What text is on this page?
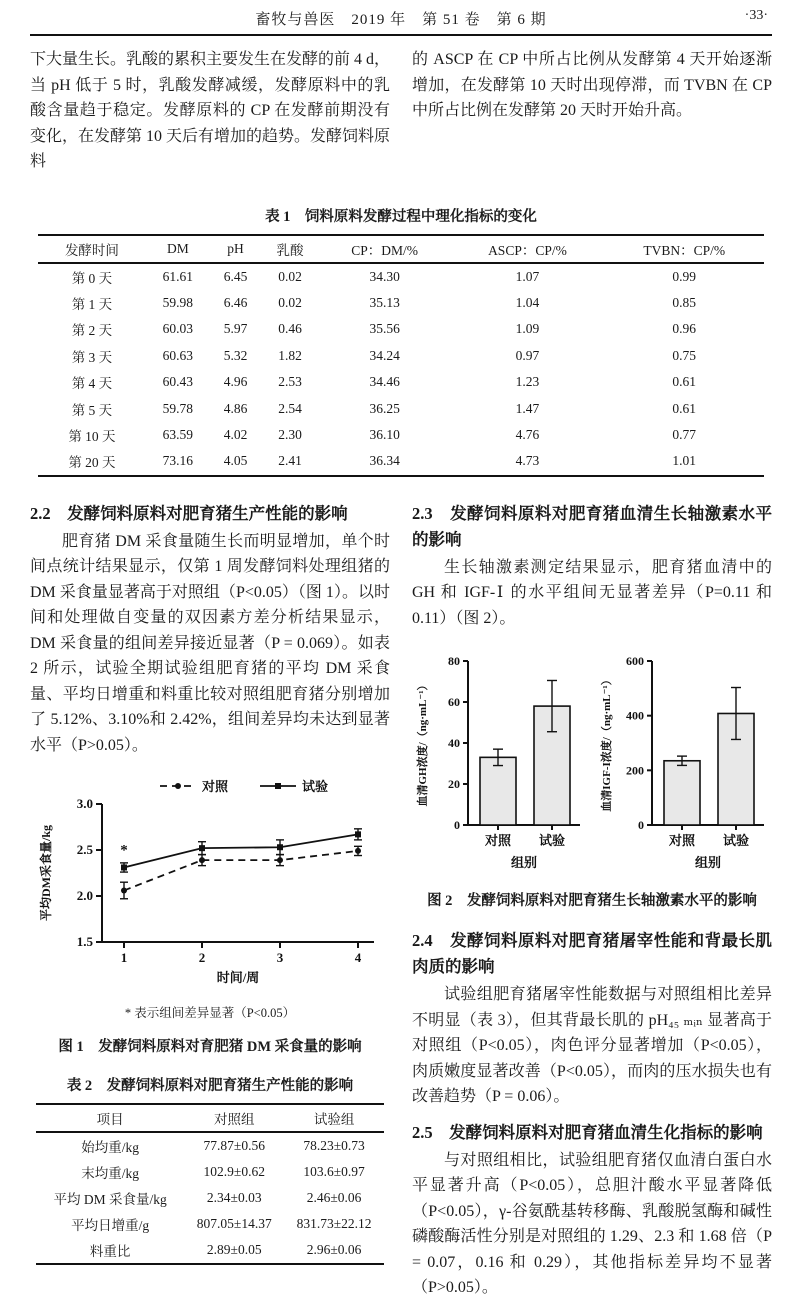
畜牧与兽医　2019 年　第 51 卷　第 6 期	·33·

下大量生长。乳酸的累积主要发生在发酵的前 4 d，当 pH 低于 5 时，乳酸发酵减缓，发酵原料中的乳酸含量趋于稳定。发酵原料的 CP 在发酵前期没有变化，在发酵第 10 天后有增加的趋势。发酵饲料原料

的 ASCP 在 CP 中所占比例从发酵第 4 天开始逐渐增加，在发酵第 10 天时出现停滞，而 TVBN 在 CP 中所占比例在发酵第 20 天时开始升高。

表 1　饲料原料发酵过程中理化指标的变化
发酵时间	DM	pH	乳酸	CP：DM/%	ASCP：CP/%	TVBN：CP/%
第 0 天	61.61	6.45	0.02	34.30	1.07	0.99
第 1 天	59.98	6.46	0.02	35.13	1.04	0.85
第 2 天	60.03	5.97	0.46	35.56	1.09	0.96
第 3 天	60.63	5.32	1.82	34.24	0.97	0.75
第 4 天	60.43	4.96	2.53	34.46	1.23	0.61
第 5 天	59.78	4.86	2.54	36.25	1.47	0.61
第 10 天	63.59	4.02	2.30	36.10	4.76	0.77
第 20 天	73.16	4.05	2.41	36.34	4.73	1.01
2.2　发酵饲料原料对肥育猪生产性能的影响

肥育猪 DM 采食量随生长而明显增加，单个时间点统计结果显示，仅第 1 周发酵饲料处理组猪的 DM 采食量显著高于对照组（P<0.05）（图 1）。以时间和处理做自变量的双因素方差分析结果显示，DM 采食量的组间差异接近显著（P = 0.069）。如表 2 所示，试验全期试验组肥育猪的平均 DM 采食量、平均日增重和料重比较对照组肥育猪分别增加了 5.12%、3.10%和 2.42%，组间差异均未达到显著水平（P>0.05）。

3.0
2.5
2.0
1.5
1	2	3	4
时间/周
平均DM采食量/kg
对照	试验
*
* 表示组间差异显著（P<0.05）
图 1　发酵饲料原料对育肥猪 DM 采食量的影响
表 2　发酵饲料原料对肥育猪生产性能的影响
项目	对照组	试验组
始均重/kg	77.87±0.56	78.23±0.73
末均重/kg	102.9±0.62	103.6±0.97
平均 DM 采食量/kg	2.34±0.03	2.46±0.06
平均日增重/g	807.05±14.37	831.73±22.12
料重比	2.89±0.05	2.96±0.06
2.3　发酵饲料原料对肥育猪血清生长轴激素水平的影响

生长轴激素测定结果显示，肥育猪血清中的 GH 和 IGF-Ⅰ 的水平组间无显著差异（P=0.11 和 0.11）（图 2）。

0
20
40
60
80
对照 试验
组别
血清GH浓度/（ng·mL⁻¹）
0
200
400
600
对照 试验
组别
血清IGF-I浓度/（ng·mL⁻¹）
图 2　发酵饲料原料对肥育猪生长轴激素水平的影响
2.4　发酵饲料原料对肥育猪屠宰性能和背最长肌肉质的影响

试验组肥育猪屠宰性能数据与对照组相比差异不明显（表 3），但其背最长肌的 pH₄₅ ₘᵢₙ 显著高于对照组（P<0.05），肉色评分显著增加（P<0.05），肉质嫩度显著改善（P<0.05），而肉的压水损失也有改善趋势（P = 0.06）。

2.5　发酵饲料原料对肥育猪血清生化指标的影响

与对照组相比，试验组肥育猪仅血清白蛋白水平显著升高（P<0.05），总胆汁酸水平显著降低（P<0.05），γ-谷氨酰基转移酶、乳酸脱氢酶和碱性磷酸酶活性分别是对照组的 1.29、2.3 和 1.68 倍（P = 0.07，0.16 和 0.29），其他指标差异均不显著（P>0.05）。
